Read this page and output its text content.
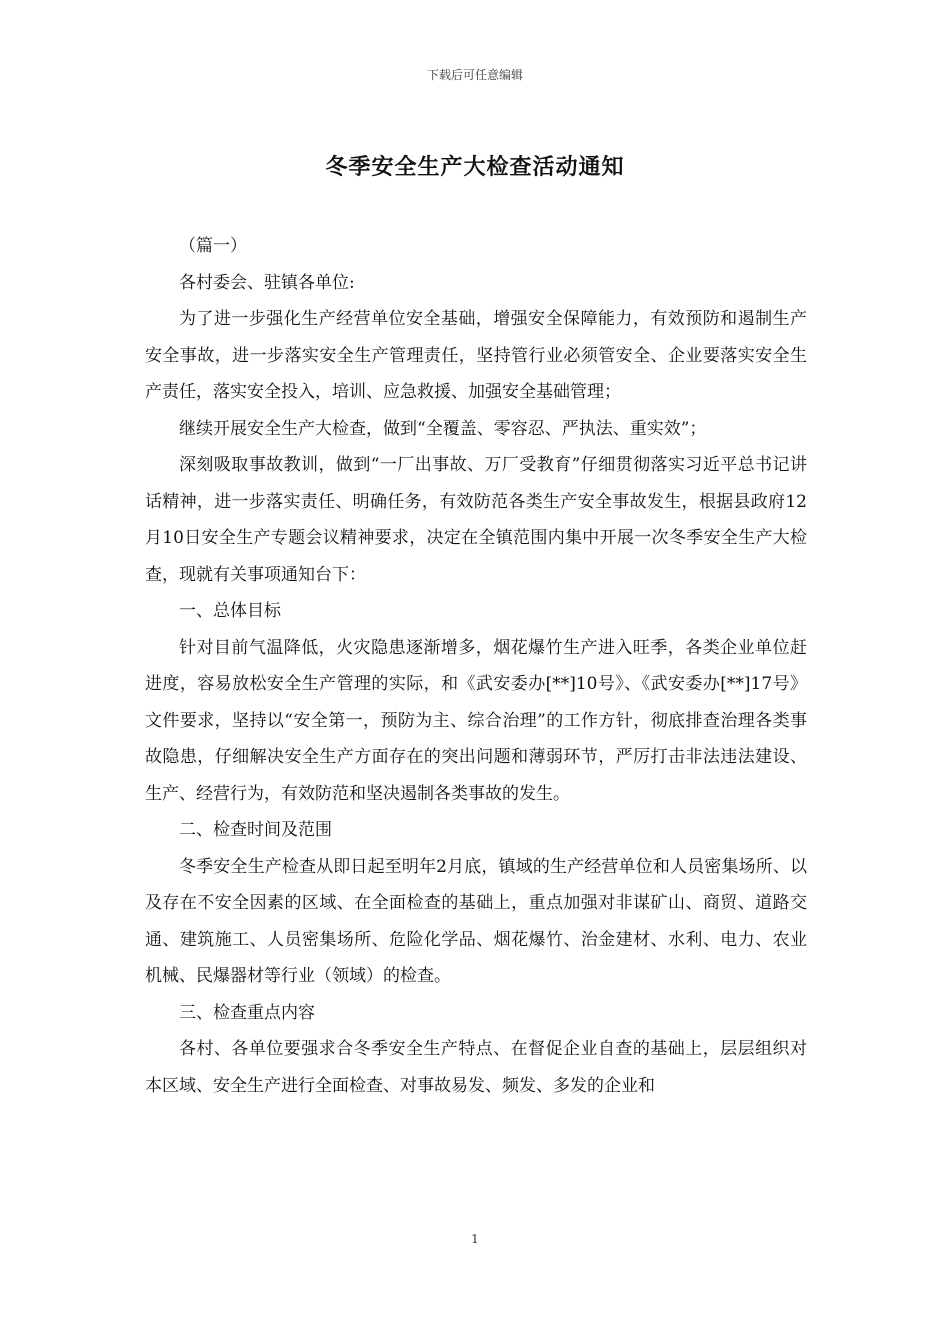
下载后可任意编辑
冬季安全生产大检查活动通知

（篇一）

各村委会、驻镇各单位:

为了进一步强化生产经营单位安全基础，增强安全保障能力，有效预防和遏制生产安全事故，进一步落实安全生产管理责任，坚持管行业必须管安全、企业要落实安全生产责任，落实安全投入，培训、应急救援、加强安全基础管理；

继续开展安全生产大检查，做到“全覆盖、零容忍、严执法、重实效”；

深刻吸取事故教训，做到“一厂出事故、万厂受教育”仔细贯彻落实习近平总书记讲话精神，进一步落实责任、明确任务，有效防范各类生产安全事故发生，根据县政府12月10日安全生产专题会议精神要求，决定在全镇范围内集中开展一次冬季安全生产大检查，现就有关事项通知台下：

一、总体目标

针对目前气温降低，火灾隐患逐渐增多，烟花爆竹生产进入旺季，各类企业单位赶进度，容易放松安全生产管理的实际，和《武安委办[**]10号》、《武安委办[**]17号》文件要求，坚持以“安全第一，预防为主、综合治理”的工作方针，彻底排查治理各类事故隐患，仔细解决安全生产方面存在的突出问题和薄弱环节，严厉打击非法违法建设、生产、经营行为，有效防范和坚决遏制各类事故的发生。

二、检查时间及范围

冬季安全生产检查从即日起至明年2月底，镇域的生产经营单位和人员密集场所、以及存在不安全因素的区域、在全面检查的基础上，重点加强对非谋矿山、商贸、道路交通、建筑施工、人员密集场所、危险化学品、烟花爆竹、治金建材、水利、电力、农业机械、民爆器材等行业（领域）的检查。

三、检查重点内容

各村、各单位要强求合冬季安全生产特点、在督促企业自查的基础上，层层组织对本区域、安全生产进行全面检查、对事故易发、频发、多发的企业和

1
